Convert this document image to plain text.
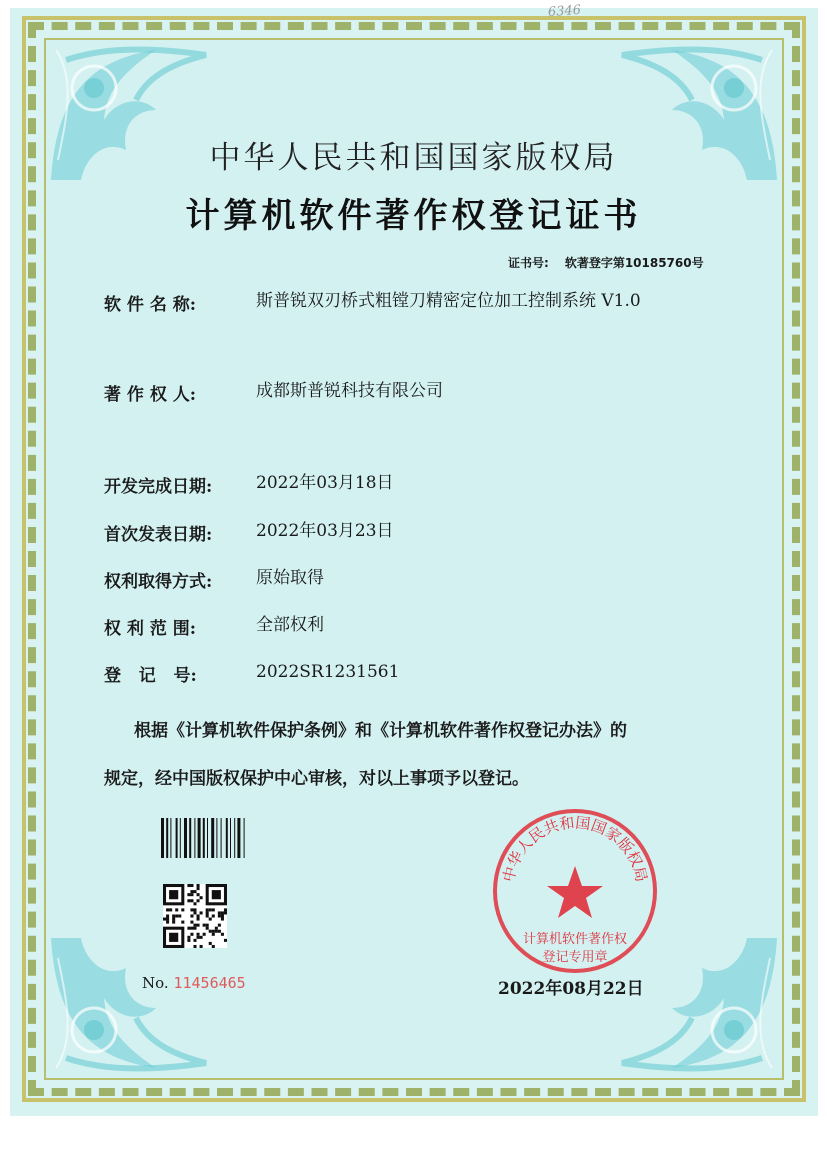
6346
中华人民共和国国家版权局
计算机软件著作权登记证书
证书号: 软著登字第10185760号
软 件 名 称:	斯普锐双刃桥式粗镗刀精密定位加工控制系统 V1.0
著 作 权 人:	成都斯普锐科技有限公司
开发完成日期:	2022年03月18日
首次发表日期:	2022年03月23日
权利取得方式:	原始取得
权 利 范 围:	全部权利
登   记   号:	2022SR1231561
根据《计算机软件保护条例》和《计算机软件著作权登记办法》的
规定，经中国版权保护中心审核，对以上事项予以登记。
No. 11456465
中华人民共和国国家版权局
计算机软件著作权
登记专用章
2022年08月22日
